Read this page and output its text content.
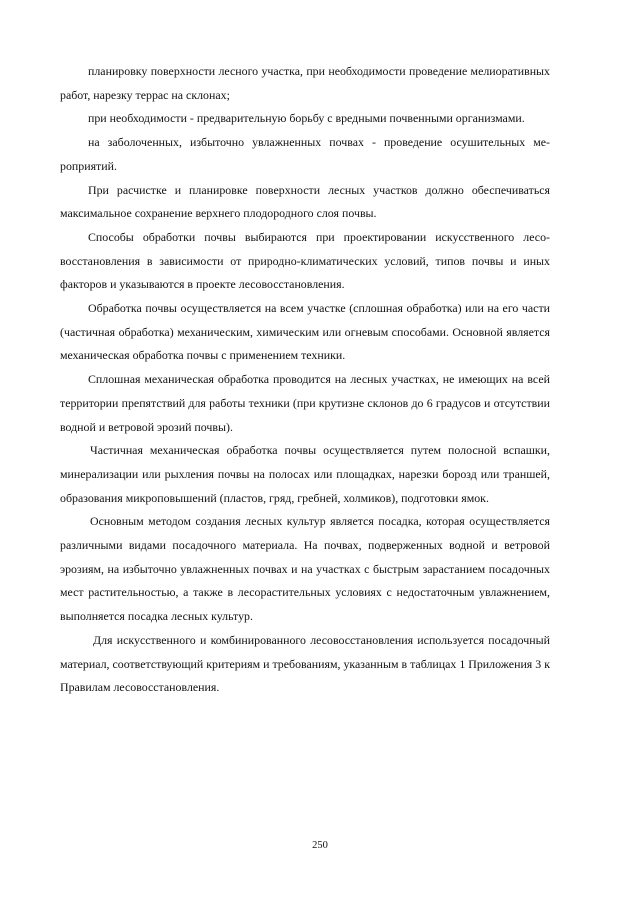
планировку поверхности лесного участка, при необходимости проведение мелиоративных работ, нарезку террас на склонах;

при необходимости - предварительную борьбу с вредными почвенными организмами.

на заболоченных, избыточно увлажненных почвах - проведение осушительных мероприятий.

При расчистке и планировке поверхности лесных участков должно обеспечиваться максимальное сохранение верхнего плодородного слоя почвы.

Способы обработки почвы выбираются при проектировании искусственного лесовосстановления в зависимости от природно-климатических условий, типов почвы и иных факторов и указываются в проекте лесовосстановления.

Обработка почвы осуществляется на всем участке (сплошная обработка) или на его части (частичная обработка) механическим, химическим или огневым способами. Основной является механическая обработка почвы с применением техники.

Сплошная механическая обработка проводится на лесных участках, не имеющих на всей территории препятствий для работы техники (при крутизне склонов до 6 градусов и отсутствии водной и ветровой эрозий почвы).

Частичная механическая обработка почвы осуществляется путем полосной вспашки, минерализации или рыхления почвы на полосах или площадках, нарезки борозд или траншей, образования микроповышений (пластов, гряд, гребней, холмиков), подготовки ямок.

Основным методом создания лесных культур является посадка, которая осуществляется различными видами посадочного материала. На почвах, подверженных водной и ветровой эрозиям, на избыточно увлажненных почвах и на участках с быстрым зарастанием посадочных мест растительностью, а также в лесорастительных условиях с недостаточным увлажнением, выполняется посадка лесных культур.

Для искусственного и комбинированного лесовосстановления используется посадочный материал, соответствующий критериям и требованиям, указанным в таблицах 1 Приложения 3 к Правилам лесовосстановления.

250
